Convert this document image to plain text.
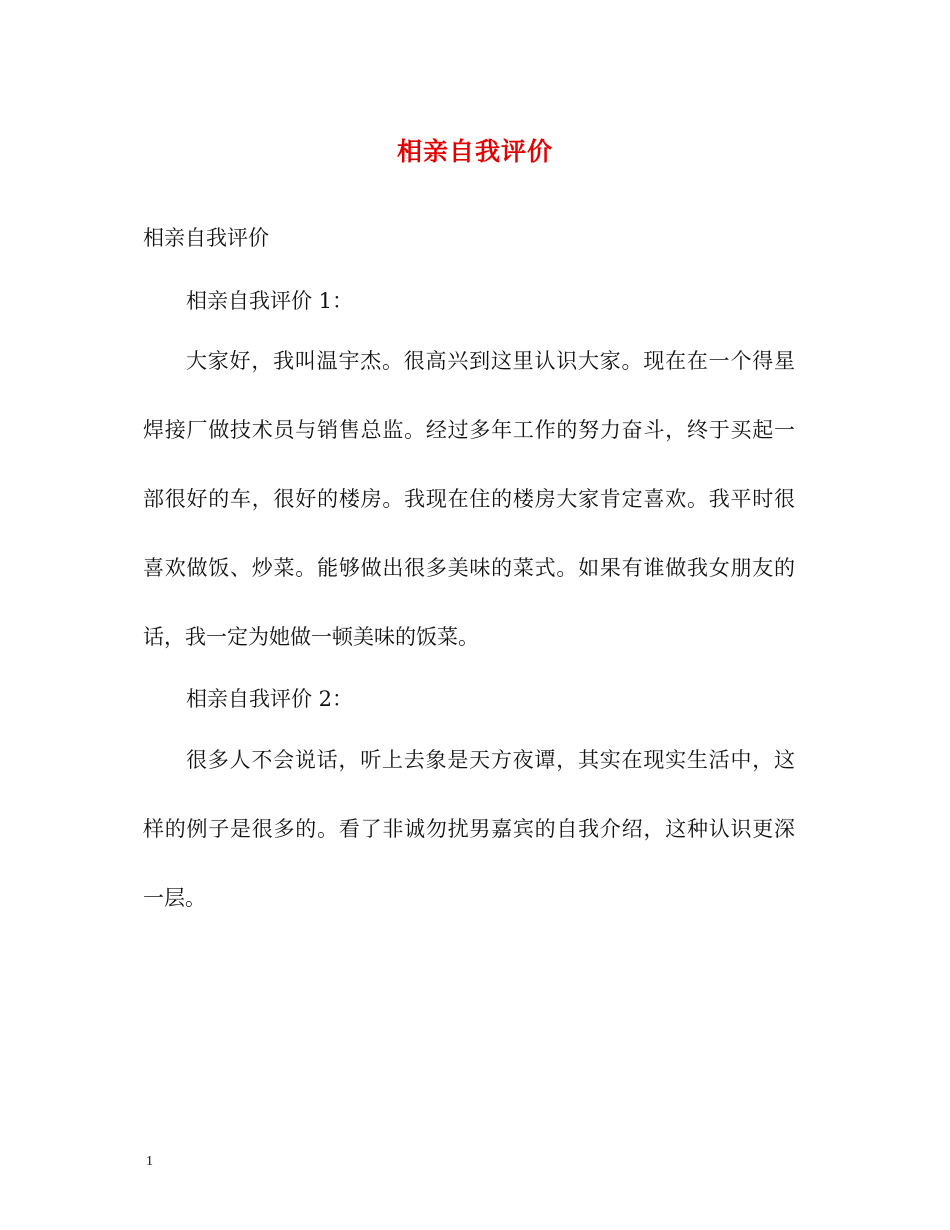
相亲自我评价
相亲自我评价
相亲自我评价 1：
大家好，我叫温宇杰。很高兴到这里认识大家。现在在一个得星
焊接厂做技术员与销售总监。经过多年工作的努力奋斗，终于买起一
部很好的车，很好的楼房。我现在住的楼房大家肯定喜欢。我平时很
喜欢做饭、炒菜。能够做出很多美味的菜式。如果有谁做我女朋友的
话，我一定为她做一顿美味的饭菜。
相亲自我评价 2：
很多人不会说话，听上去象是天方夜谭，其实在现实生活中，这
样的例子是很多的。看了非诚勿扰男嘉宾的自我介绍，这种认识更深
一层。
1
